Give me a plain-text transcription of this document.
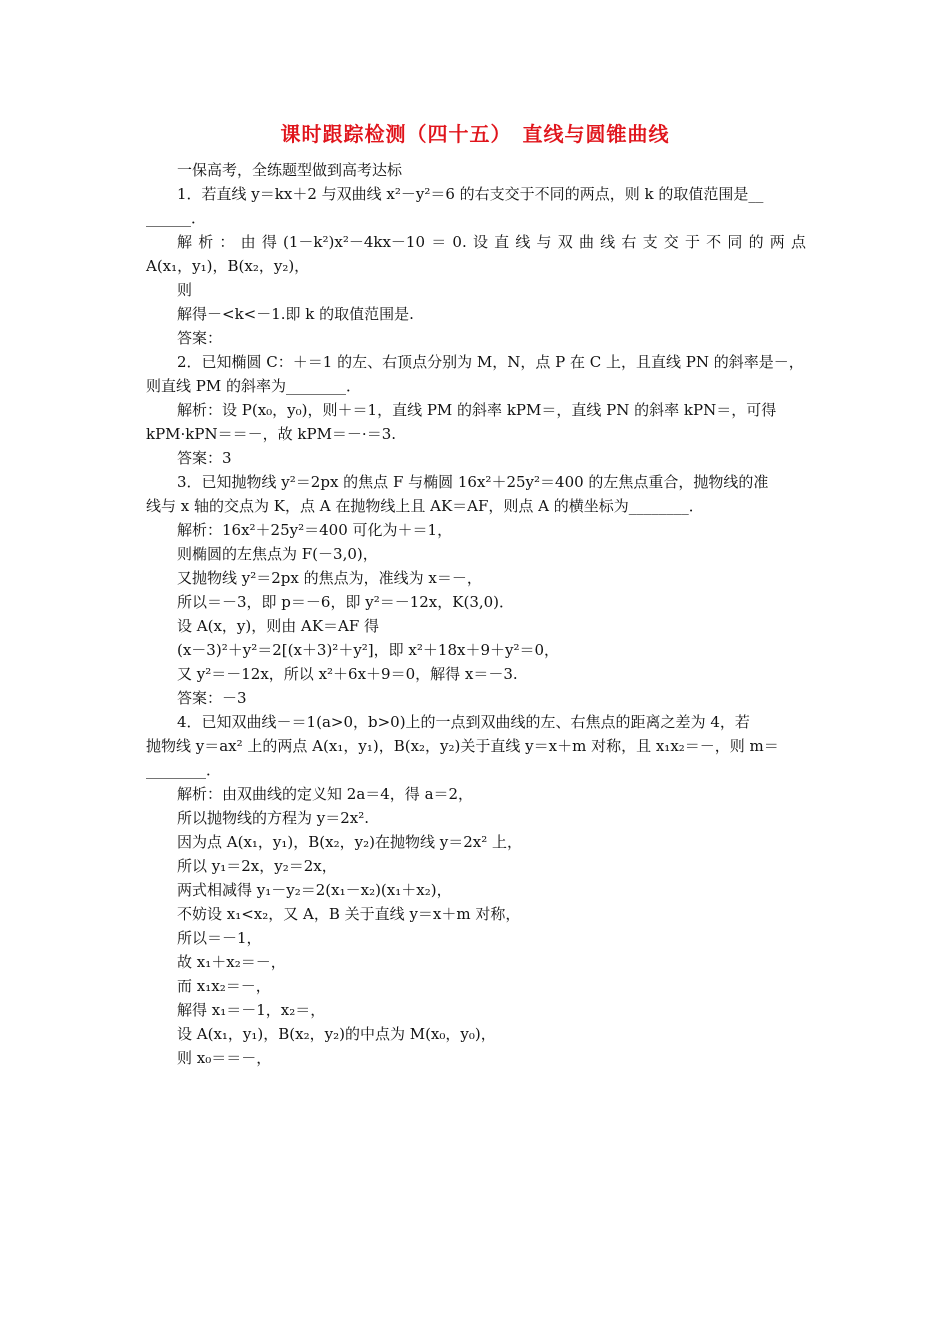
课时跟踪检测（四十五）　直线与圆锥曲线
一保高考，全练题型做到高考达标
1．若直线 y＝kx＋2 与双曲线 x²－y²＝6 的右支交于不同的两点，则 k 的取值范围是__
______．
解析：由得(1－k²)x²－4kx－10＝0.设直线与双曲线右支交于不同的两点
A(x₁，y₁)，B(x₂，y₂)，
则
解得－<k<－1.即 k 的取值范围是.
答案：
2．已知椭圆 C：＋＝1 的左、右顶点分别为 M，N，点 P 在 C 上，且直线 PN 的斜率是－，
则直线 PM 的斜率为________．
解析：设 P(x₀，y₀)，则＋＝1，直线 PM 的斜率 kPM＝，直线 PN 的斜率 kPN＝，可得
kPM·kPN＝＝－，故 kPM＝－·＝3.
答案：3
3．已知抛物线 y²＝2px 的焦点 F 与椭圆 16x²＋25y²＝400 的左焦点重合，抛物线的准
线与 x 轴的交点为 K，点 A 在抛物线上且 AK＝AF，则点 A 的横坐标为________．
解析：16x²＋25y²＝400 可化为＋＝1，
则椭圆的左焦点为 F(－3,0)，
又抛物线 y²＝2px 的焦点为，准线为 x＝－，
所以＝－3，即 p＝－6，即 y²＝－12x，K(3,0)．
设 A(x，y)，则由 AK＝AF 得
(x－3)²＋y²＝2[(x＋3)²＋y²]，即 x²＋18x＋9＋y²＝0，
又 y²＝－12x，所以 x²＋6x＋9＝0，解得 x＝－3.
答案：－3
4．已知双曲线－＝1(a>0，b>0)上的一点到双曲线的左、右焦点的距离之差为 4，若
抛物线 y＝ax² 上的两点 A(x₁，y₁)，B(x₂，y₂)关于直线 y＝x＋m 对称，且 x₁x₂＝－，则 m＝
________．
解析：由双曲线的定义知 2a＝4，得 a＝2，
所以抛物线的方程为 y＝2x².
因为点 A(x₁，y₁)，B(x₂，y₂)在抛物线 y＝2x² 上，
所以 y₁＝2x，y₂＝2x，
两式相减得 y₁－y₂＝2(x₁－x₂)(x₁＋x₂)，
不妨设 x₁<x₂，又 A，B 关于直线 y＝x＋m 对称，
所以＝－1，
故 x₁＋x₂＝－，
而 x₁x₂＝－，
解得 x₁＝－1，x₂＝，
设 A(x₁，y₁)，B(x₂，y₂)的中点为 M(x₀，y₀)，
则 x₀＝＝－，
